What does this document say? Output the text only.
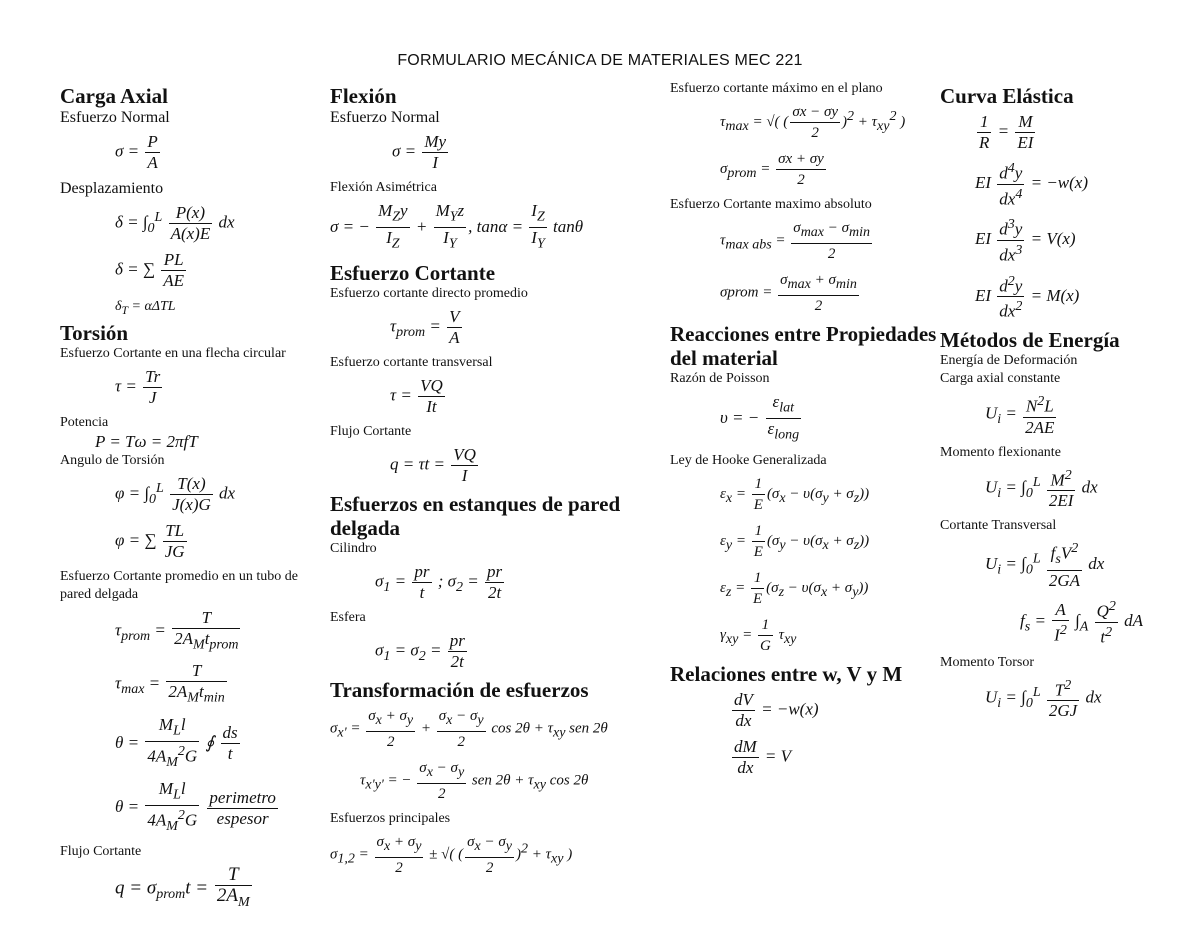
FORMULARIO MECÁNICA DE MATERIALES MEC 221
Carga Axial
Esfuerzo Normal
$\sigma = \frac{P}{A}$
Desplazamiento
$\delta = \int_0^L \frac{P(x)}{A(x)E}$ dx
δ = ∑ $\frac{PL}{AE}$
$\delta_T = \alpha\Delta TL$
Torsión
Esfuerzo Cortante en una flecha circular
$\tau = \frac{Tr}{J}$
Potencia
P = Tω = 2πfT
Angulo de Torsión
$\varphi = \int_0^L \frac{T(x)}{J(x)G}$ dx
φ = ∑ $\frac{TL}{JG}$
Esfuerzo Cortante promedio en un tubo de pared delgada
$\tau_{prom}$ =
T
$2A_Mt_{prom}$
$\tau_{max}$ =
T
$2A_Mt_{min}$
θ =
$M_Ll$
$4A_M^2G$
∮ $\frac{ds}{t}$
θ =
$M_Ll$
$4A_M^2G$

perimetro
espesor
Flujo Cortante
$q = \sigma_{prom}t = \frac{T}{2A_M}$
Flexión
Esfuerzo Normal
$\sigma = \frac{My}{I}$
Flexión Asimétrica
σ = −
$M_Zy$
$I_Z$
+
$M_Yz$
$I_Y$
, $\tan\alpha = \frac{I_Z}{I_Y}$ tanθ
Esfuerzo Cortante
Esfuerzo cortante directo promedio
$\tau_{prom} = \frac{V}{A}$
Esfuerzo cortante transversal
$\tau = \frac{VQ}{It}$
Flujo Cortante
$q = \tau t = \frac{VQ}{I}$
Esfuerzos en estanques de pared delgada
Cilindro
$\sigma_1 = \frac{pr}{t}$ ; $\sigma_2 = \frac{pr}{2t}$
Esfera
$\sigma_1 = \sigma_2 = \frac{pr}{2t}$
Transformación de esfuerzos
$\sigma_{x'} = \frac{\sigma_x + \sigma_y}{2} + \frac{\sigma_x - \sigma_y}{2}$ $\cos 2\theta + \tau_{xy}$ sen 2θ
$\tau_{x'y'}$ = − $\frac{\sigma_x - \sigma_y}{2}$ sen $2\theta + \tau_{xy}$ cos 2θ
Esfuerzos principales
$\sigma_{1,2} = \frac{\sigma_x + \sigma_y}{2}$ ± √( ( $\frac{\sigma_x - \sigma_y}{2} )^2 + \tau_{xy}$ )
Esfuerzo cortante máximo en el plano
$\tau_{max}$ = √( ( $\frac{\sigma x - \sigma y}{2} )^2 + \tau_{xy}^2$ )
$\sigma_{prom} = \frac{\sigma x + \sigma y}{2}$
Esfuerzo Cortante maximo absoluto
$\tau_{max abs}$ =
$\sigma_{max} - \sigma_{min}$
2
σprom =
$\sigma_{max} + \sigma_{min}$
2
Reacciones entre Propiedades del material
Razón de Poisson
υ = −
$\varepsilon_{lat}$
$\varepsilon_{long}$
Ley de Hooke Generalizada
$\varepsilon_x = \frac{1}{E} (\sigma_x - \upsilon(\sigma_y + \sigma_z))$
$\varepsilon_y = \frac{1}{E} (\sigma_y - \upsilon(\sigma_x + \sigma_z))$
$\varepsilon_z = \frac{1}{E} (\sigma_z - \upsilon(\sigma_x + \sigma_y))$
$\gamma_{xy} = \frac{1}{G} \tau_{xy}$
Relaciones entre w, V y M
$\frac{dV}{dx} = -w(x)$
$\frac{dM}{dx} = V$
Curva Elástica
$\frac{1}{R} = \frac{M}{EI}$
EI $\frac{d^4y}{dx^4} = -w(x)$
EI $\frac{d^3y}{dx^3} = V(x)$
EI $\frac{d^2y}{dx^2} = M(x)$
Métodos de Energía
Energía de Deformación
Carga axial constante
$U_i = \frac{N^2L}{2AE}$
Momento flexionante
$U_i = \int_0^L \frac{M^2}{2EI}$ dx
Cortante Transversal
$U_i = \int_0^L$ $f_sV^2$
2GA
dx
$f_s = \frac{A}{I^2} \int_A \frac{Q^2}{t^2}$ dA
Momento Torsor
$U_i = \int_0^L \frac{T^2}{2GJ}$ dx
